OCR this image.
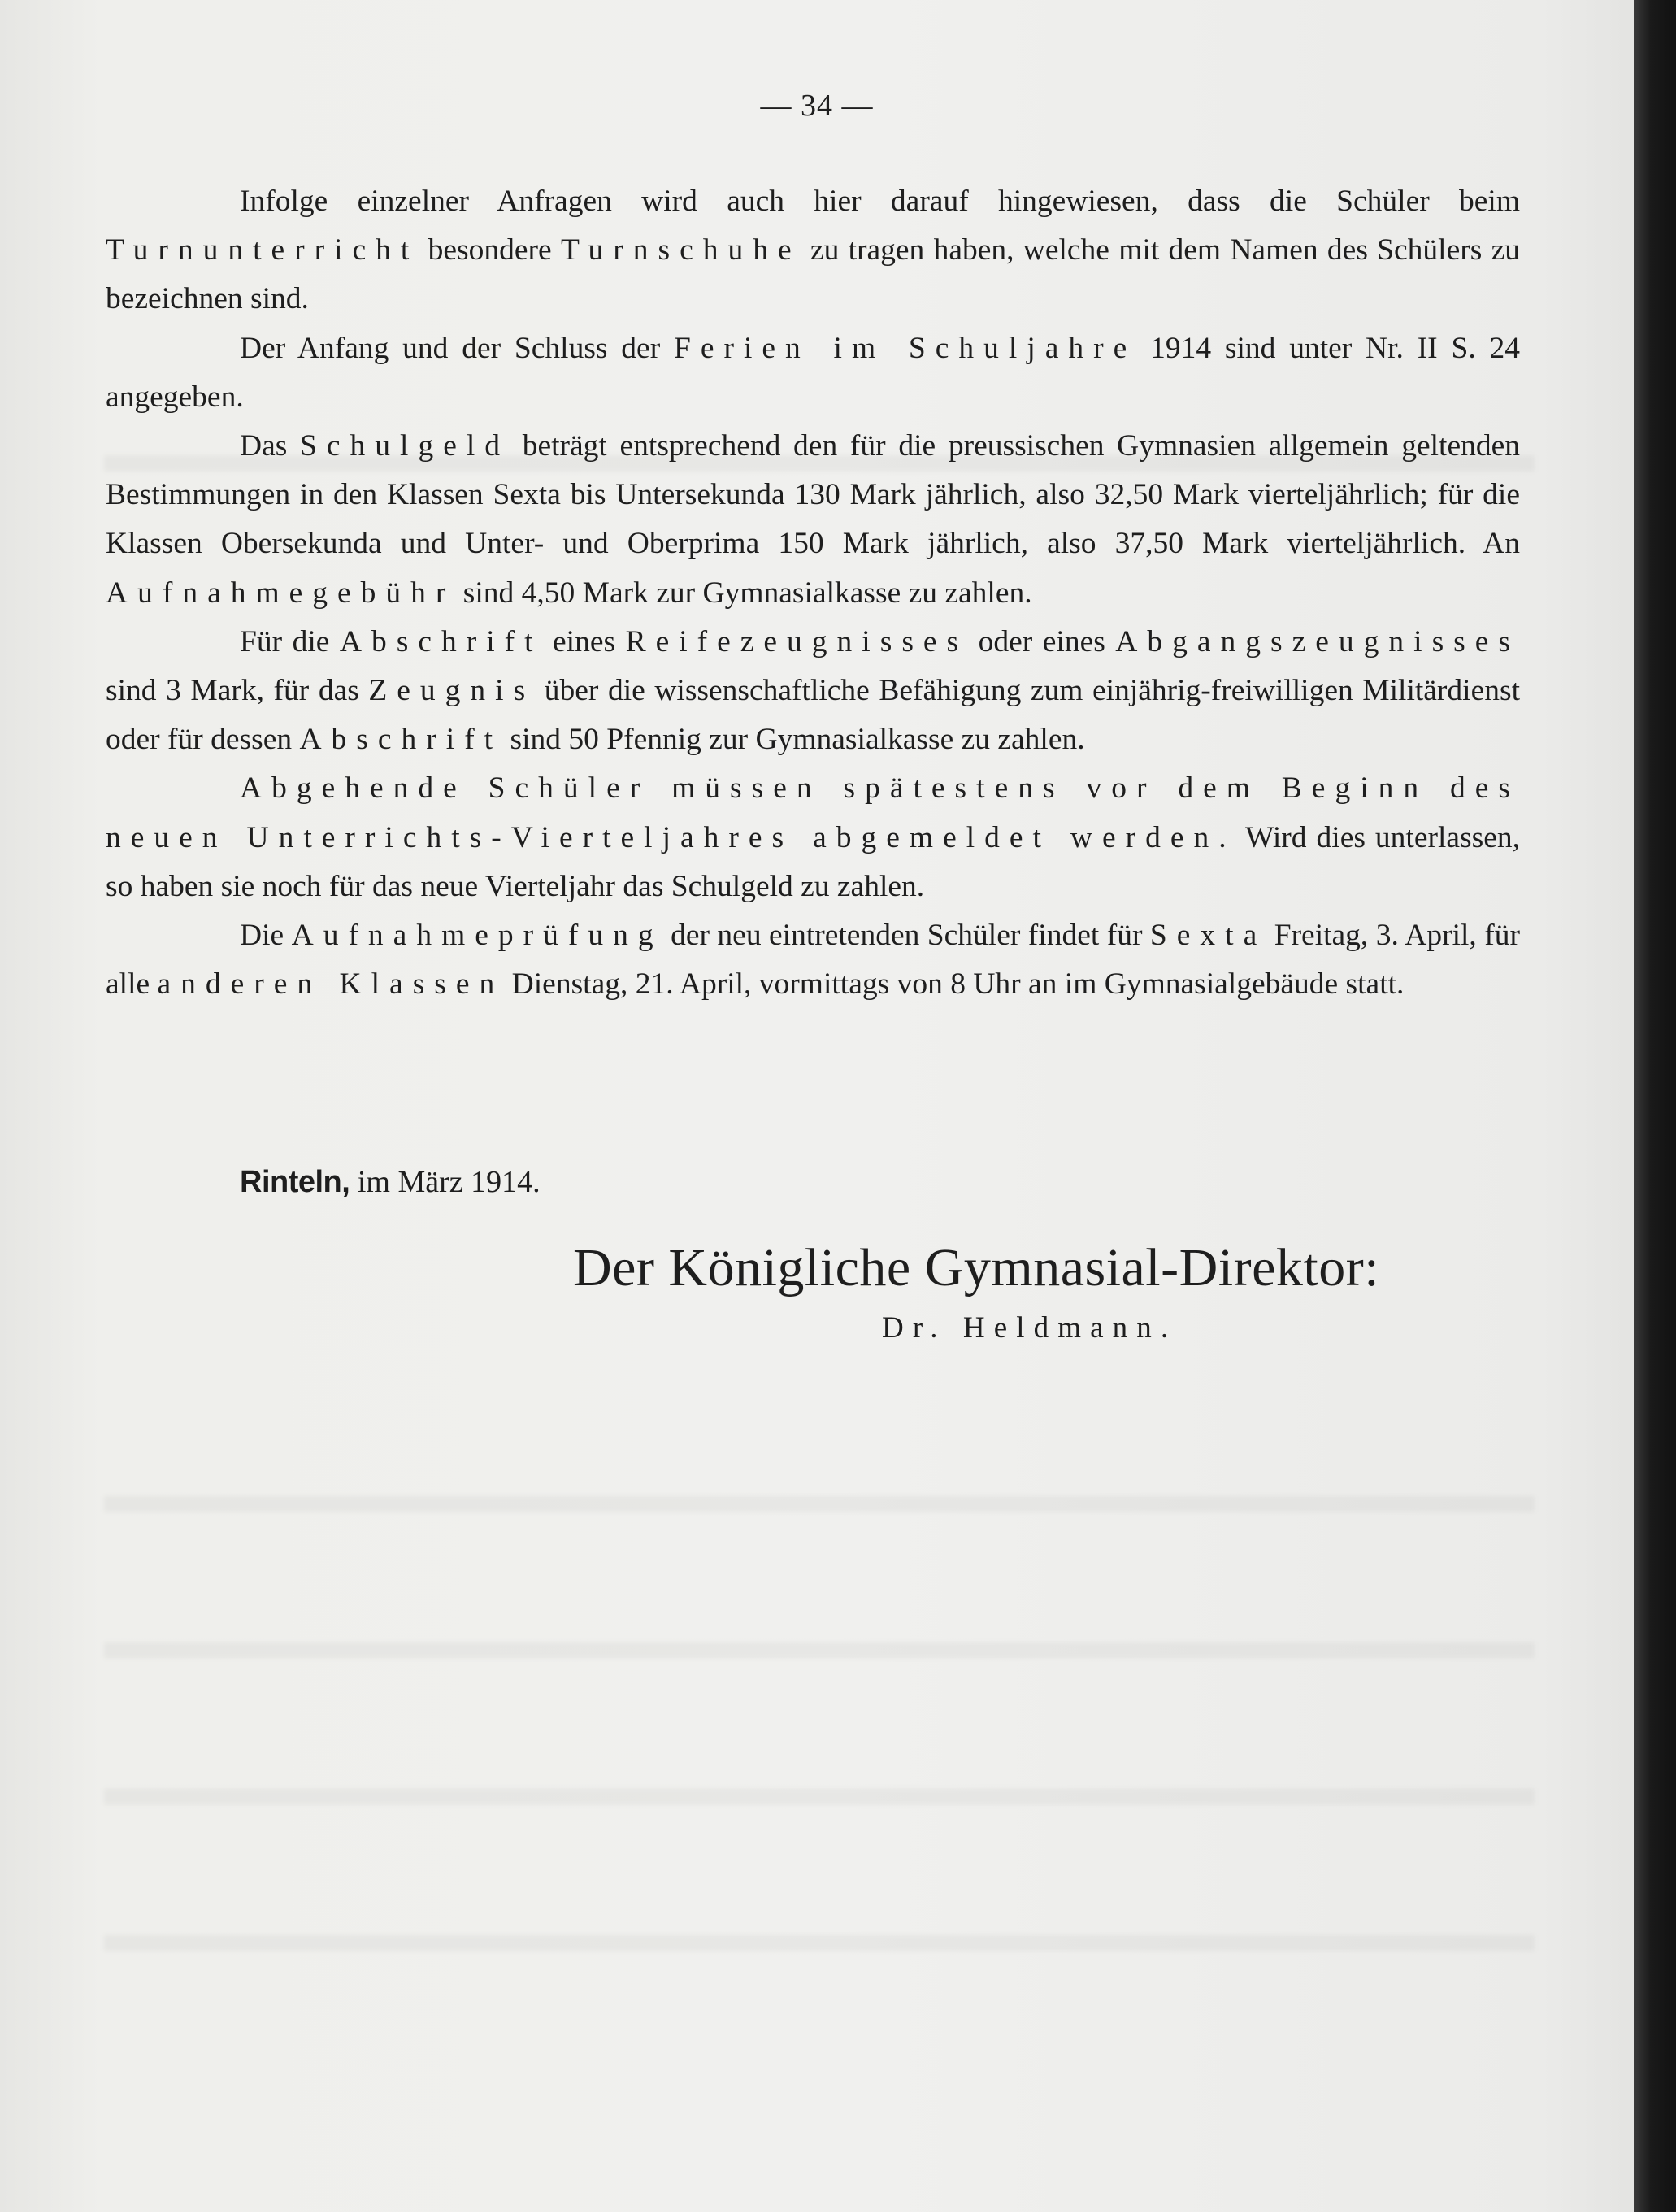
— 34 —

Infolge einzelner Anfragen wird auch hier darauf hingewiesen, dass die Schüler beim Turnunterricht besondere Turnschuhe zu tragen haben, welche mit dem Namen des Schülers zu bezeichnen sind.

Der Anfang und der Schluss der Ferien im Schuljahre 1914 sind unter Nr. II S. 24 angegeben.

Das Schulgeld beträgt entsprechend den für die preussischen Gymnasien allgemein geltenden Bestimmungen in den Klassen Sexta bis Untersekunda 130 Mark jährlich, also 32,50 Mark vierteljährlich; für die Klassen Obersekunda und Unter- und Oberprima 150 Mark jährlich, also 37,50 Mark vierteljährlich. An Aufnahmegebühr sind 4,50 Mark zur Gymnasialkasse zu zahlen.

Für die Abschrift eines Reifezeugnisses oder eines Abgangszeugnisses sind 3 Mark, für das Zeugnis über die wissenschaftliche Befähigung zum einjährig-freiwilligen Militärdienst oder für dessen Abschrift sind 50 Pfennig zur Gymnasialkasse zu zahlen.

Abgehende Schüler müssen spätestens vor dem Beginn des neuen Unterrichts-Vierteljahres abgemeldet werden. Wird dies unterlassen, so haben sie noch für das neue Vierteljahr das Schulgeld zu zahlen.

Die Aufnahmeprüfung der neu eintretenden Schüler findet für Sexta Freitag, 3. April, für alle anderen Klassen Dienstag, 21. April, vormittags von 8 Uhr an im Gymnasialgebäude statt.

Rinteln, im März 1914.
Der Königliche Gymnasial-Direktor:
Dr. Heldmann.
